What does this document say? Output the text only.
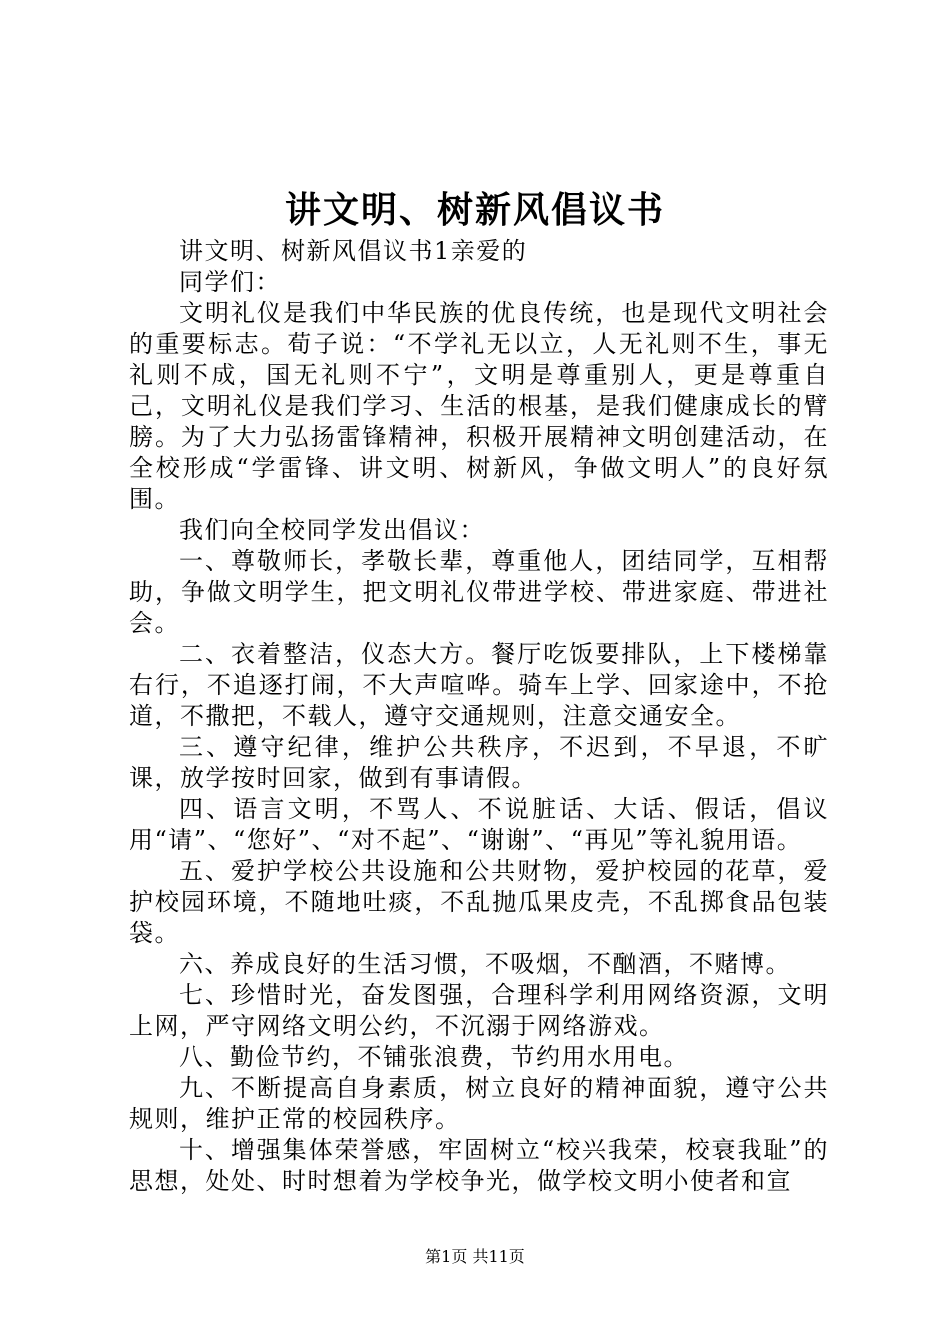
讲文明、树新风倡议书

讲文明、树新风倡议书1亲爱的

同学们：

文明礼仪是我们中华民族的优良传统，也是现代文明社会的重要标志。荀子说：“不学礼无以立，人无礼则不生，事无礼则不成，国无礼则不宁”，文明是尊重别人，更是尊重自己，文明礼仪是我们学习、生活的根基，是我们健康成长的臂膀。为了大力弘扬雷锋精神，积极开展精神文明创建活动，在全校形成“学雷锋、讲文明、树新风，争做文明人”的良好氛围。

我们向全校同学发出倡议：

一、尊敬师长，孝敬长辈，尊重他人，团结同学，互相帮助，争做文明学生，把文明礼仪带进学校、带进家庭、带进社会。

二、衣着整洁，仪态大方。餐厅吃饭要排队，上下楼梯靠右行，不追逐打闹，不大声喧哗。骑车上学、回家途中，不抢道，不撒把，不载人，遵守交通规则，注意交通安全。

三、遵守纪律，维护公共秩序，不迟到，不早退，不旷课，放学按时回家，做到有事请假。

四、语言文明，不骂人、不说脏话、大话、假话，倡议用“请”、“您好”、“对不起”、“谢谢”、“再见”等礼貌用语。

五、爱护学校公共设施和公共财物，爱护校园的花草，爱护校园环境，不随地吐痰，不乱抛瓜果皮壳，不乱掷食品包装袋。

六、养成良好的生活习惯，不吸烟，不酗酒，不赌博。

七、珍惜时光，奋发图强，合理科学利用网络资源，文明上网，严守网络文明公约，不沉溺于网络游戏。

八、勤俭节约，不铺张浪费，节约用水用电。

九、不断提高自身素质，树立良好的精神面貌，遵守公共规则，维护正常的校园秩序。

十、增强集体荣誉感，牢固树立“校兴我荣，校衰我耻”的思想，处处、时时想着为学校争光，做学校文明小使者和宣

第1页 共11页
